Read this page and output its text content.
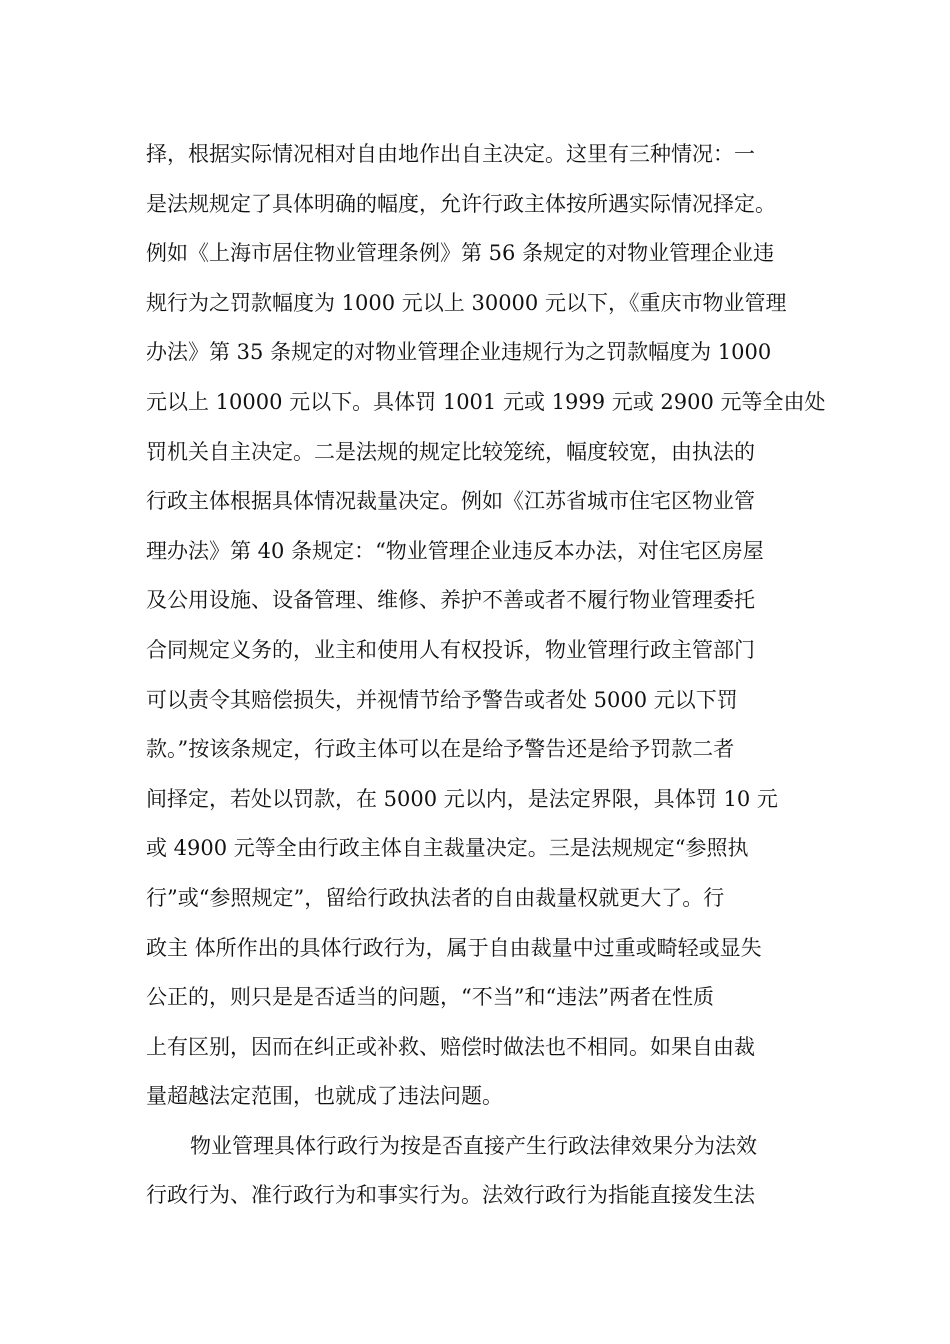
择，根据实际情况相对自由地作出自主决定。这里有三种情况：一
是法规规定了具体明确的幅度，允许行政主体按所遇实际情况择定。
例如《上海市居住物业管理条例》第 56 条规定的对物业管理企业违
规行为之罚款幅度为 1000 元以上 30000 元以下，《重庆市物业管理
办法》第 35 条规定的对物业管理企业违规行为之罚款幅度为 1000
元以上 10000 元以下。具体罚 1001 元或 1999 元或 2900 元等全由处
罚机关自主决定。二是法规的规定比较笼统，幅度较宽，由执法的
行政主体根据具体情况裁量决定。例如《江苏省城市住宅区物业管
理办法》第 40 条规定：“物业管理企业违反本办法，对住宅区房屋
及公用设施、设备管理、维修、养护不善或者不履行物业管理委托
合同规定义务的，业主和使用人有权投诉，物业管理行政主管部门
可以责令其赔偿损失，并视情节给予警告或者处 5000 元以下罚
款。”按该条规定，行政主体可以在是给予警告还是给予罚款二者
间择定，若处以罚款，在 5000 元以内，是法定界限，具体罚 10 元
或 4900 元等全由行政主体自主裁量决定。三是法规规定“参照执
行”或“参照规定”，留给行政执法者的自由裁量权就更大了。行
政主 体所作出的具体行政行为，属于自由裁量中过重或畸轻或显失
公正的，则只是是否适当的问题，“不当”和“违法”两者在性质
上有区别，因而在纠正或补救、赔偿时做法也不相同。如果自由裁
量超越法定范围，也就成了违法问题。
物业管理具体行政行为按是否直接产生行政法律效果分为法效
行政行为、准行政行为和事实行为。法效行政行为指能直接发生法
